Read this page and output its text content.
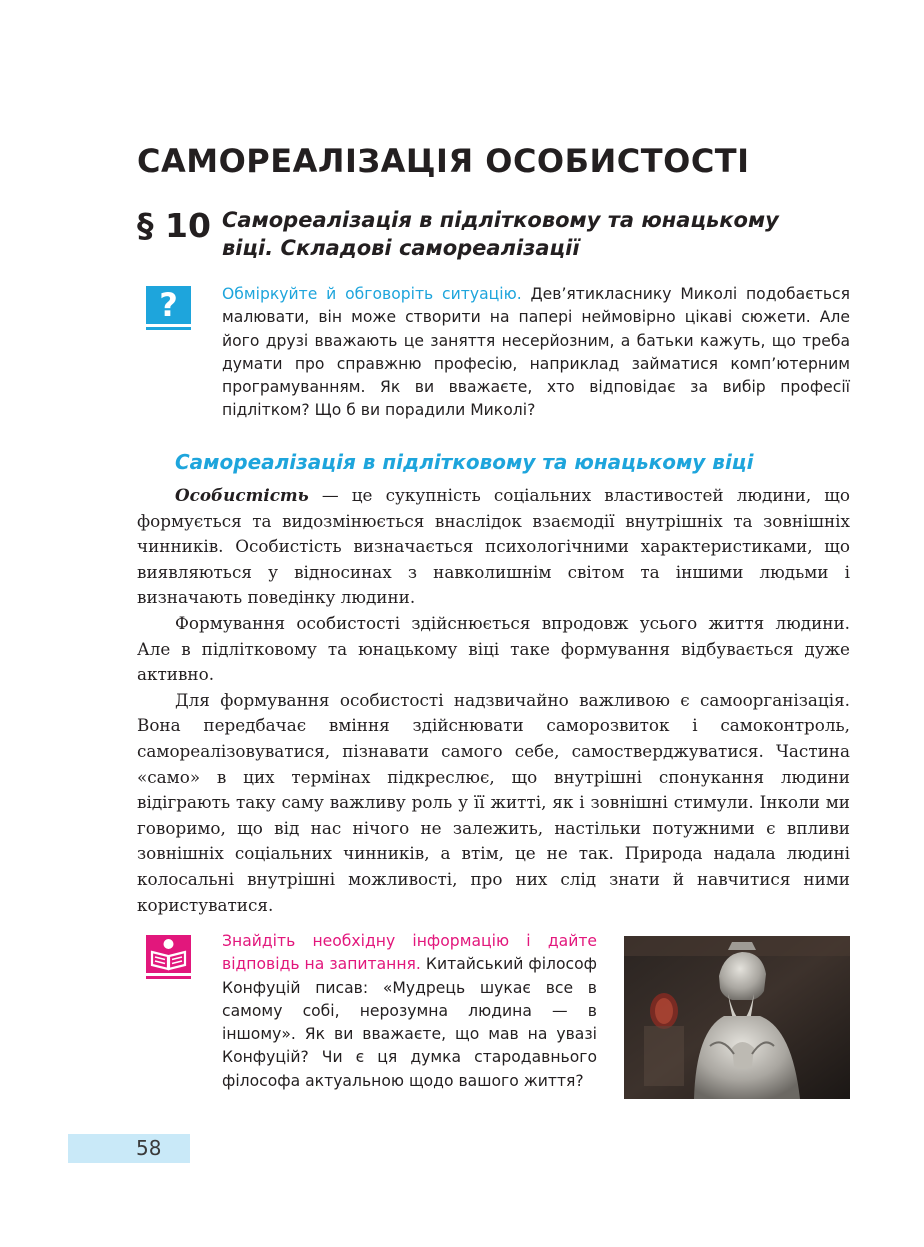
САМОРЕАЛІЗАЦІЯ ОСОБИСТОСТІ
§ 10 Самореалізація в підлітковому та юнацькому віці. Складові самореалізації
?	Обміркуйте й обговоріть ситуацію. Дев’ятикласнику Миколі подобається малювати, він може створити на папері неймовірно цікаві сюжети. Але його друзі вважають це заняття несерйозним, а батьки кажуть, що треба думати про справжню професію, наприклад займатися комп’ютерним програмуванням. Як ви вважаєте, хто відповідає за вибір професії підлітком? Що б ви порадили Миколі?

Самореалізація в підлітковому та юнацькому віці

Особистість — це сукупність соціальних властивостей людини, що формується та видозмінюється внаслідок взаємодії внутрішніх та зовнішніх чинників. Особистість визначається психологічними характеристиками, що виявляються у відносинах з навколишнім світом та іншими людьми і визначають поведінку людини.

Формування особистості здійснюється впродовж усього життя людини. Але в підлітковому та юнацькому віці таке формування відбувається дуже активно.

Для формування особистості надзвичайно важливою є самоорганізація. Вона передбачає вміння здійснювати саморозвиток і самоконтроль, самореалізовуватися, пізнавати самого себе, самостверджуватися. Частина «само» в цих термінах підкреслює, що внутрішні спонукання людини відіграють таку саму важливу роль у її житті, як і зовнішні стимули. Інколи ми говоримо, що від нас нічого не залежить, настільки потужними є впливи зовнішніх соціальних чинників, а втім, це не так. Природа надала людині колосальні внутрішні можливості, про них слід знати й навчитися ними користуватися.

Знайдіть необхідну інформацію і дайте відповідь на запитання. Китайський філософ Конфуцій писав: «Мудрець шукає все в самому собі, нерозумна людина — в іншому». Як ви вважаєте, що мав на увазі Конфуцій? Чи є ця думка стародавнього філософа актуальною щодо вашого життя?

58
